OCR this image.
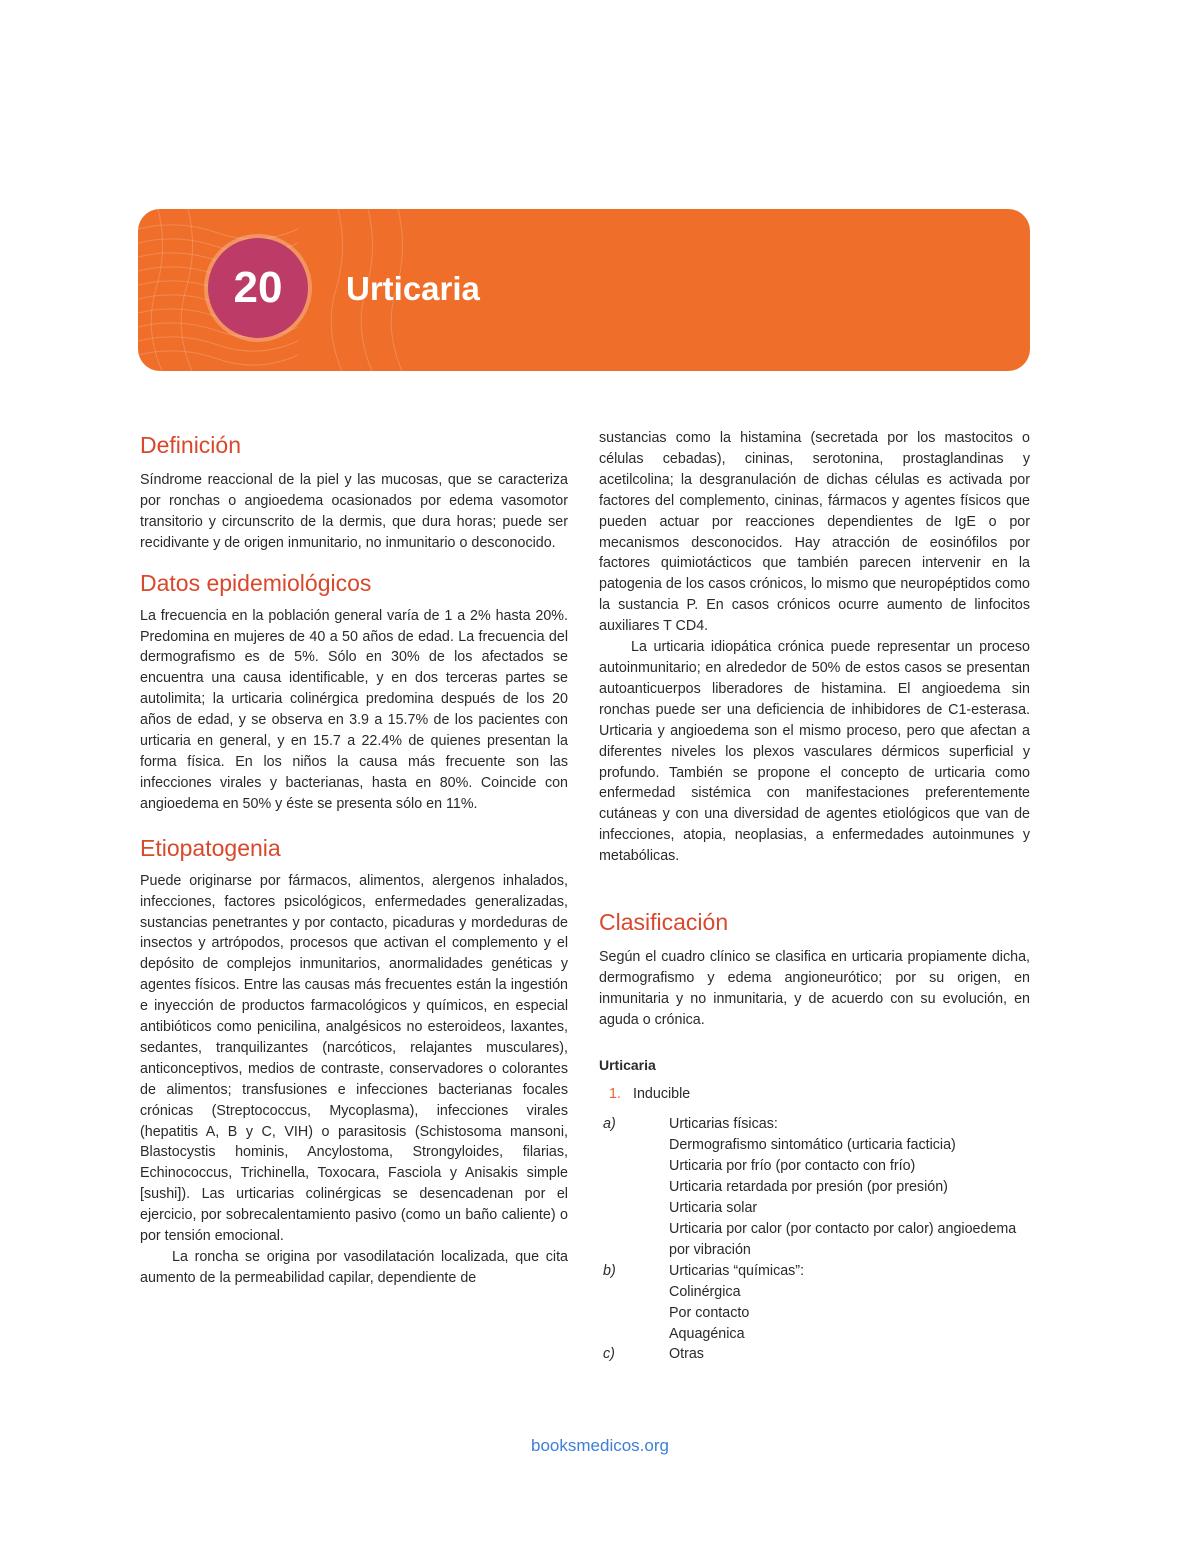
CAPÍTULO 20 Urticaria
Definición

Síndrome reaccional de la piel y las mucosas, que se caracteriza por ronchas o angioedema ocasionados por edema vasomotor transitorio y circunscrito de la dermis, que dura horas; puede ser recidivante y de origen inmunitario, no inmunitario o desconocido.

Datos epidemiológicos

La frecuencia en la población general varía de 1 a 2% hasta 20%. Predomina en mujeres de 40 a 50 años de edad. La frecuencia del dermografismo es de 5%. Sólo en 30% de los afectados se encuentra una causa identificable, y en dos terceras partes se autolimita; la urticaria colinérgica predomina después de los 20 años de edad, y se observa en 3.9 a 15.7% de los pacientes con urticaria en general, y en 15.7 a 22.4% de quienes presentan la forma física. En los niños la causa más frecuente son las infecciones virales y bacterianas, hasta en 80%. Coincide con angioedema en 50% y éste se presenta sólo en 11%.

Etiopatogenia

Puede originarse por fármacos, alimentos, alergenos inhalados, infecciones, factores psicológicos, enfermedades generalizadas, sustancias penetrantes y por contacto, picaduras y mordeduras de insectos y artrópodos, procesos que activan el complemento y el depósito de complejos inmunitarios, anormalidades genéticas y agentes físicos. Entre las causas más frecuentes están la ingestión e inyección de productos farmacológicos y químicos, en especial antibióticos como penicilina, analgésicos no esteroideos, laxantes, sedantes, tranquilizantes (narcóticos, relajantes musculares), anticonceptivos, medios de contraste, conservadores o colorantes de alimentos; transfusiones e infecciones bacterianas focales crónicas (Streptococcus, Mycoplasma), infecciones virales (hepatitis A, B y C, VIH) o parasitosis (Schistosoma mansoni, Blastocystis hominis, Ancylostoma, Strongyloides, filarias, Echinococcus, Trichinella, Toxocara, Fasciola y Anisakis simple [sushi]). Las urticarias colinérgicas se desencadenan por el ejercicio, por sobrecalentamiento pasivo (como un baño caliente) o por tensión emocional.

La roncha se origina por vasodilatación localizada, que cita aumento de la permeabilidad capilar, dependiente de

sustancias como la histamina (secretada por los mastocitos o células cebadas), cininas, serotonina, prostaglandinas y acetilcolina; la desgranulación de dichas células es activada por factores del complemento, cininas, fármacos y agentes físicos que pueden actuar por reacciones dependientes de IgE o por mecanismos desconocidos. Hay atracción de eosinófilos por factores quimiotácticos que también parecen intervenir en la patogenia de los casos crónicos, lo mismo que neuropéptidos como la sustancia P. En casos crónicos ocurre aumento de linfocitos auxiliares T CD4.

La urticaria idiopática crónica puede representar un proceso autoinmunitario; en alrededor de 50% de estos casos se presentan autoanticuerpos liberadores de histamina. El angioedema sin ronchas puede ser una deficiencia de inhibidores de C1-esterasa. Urticaria y angioedema son el mismo proceso, pero que afectan a diferentes niveles los plexos vasculares dérmicos superficial y profundo. También se propone el concepto de urticaria como enfermedad sistémica con manifestaciones preferentemente cutáneas y con una diversidad de agentes etiológicos que van de infecciones, atopia, neoplasias, a enfermedades autoinmunes y metabólicas.

Clasificación

Según el cuadro clínico se clasifica en urticaria propiamente dicha, dermografismo y edema angioneurótico; por su origen, en inmunitaria y no inmunitaria, y de acuerdo con su evolución, en aguda o crónica.

Urticaria
1. Inducible
a)	Urticarias físicas:
Dermografismo sintomático (urticaria facticia)
Urticaria por frío (por contacto con frío)
Urticaria retardada por presión (por presión)
Urticaria solar
Urticaria por calor (por contacto por calor) angioedema por vibración
b)	Urticarias “químicas”:
Colinérgica
Por contacto
Aquagénica
c)	Otras
booksmedicos.org
